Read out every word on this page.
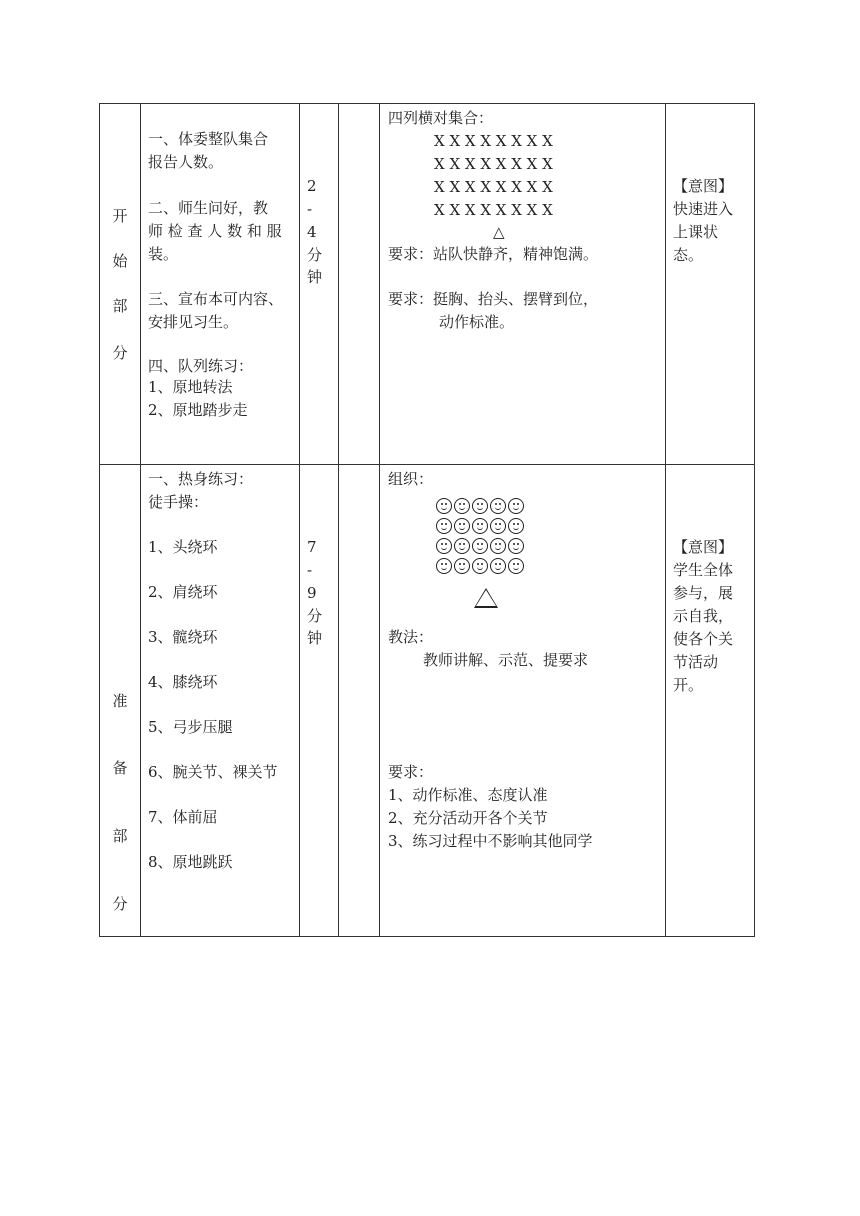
开
始
部
分
一、体委整队集合
报告人数。
二、师生问好，教
师 检 查 人 数 和 服
装。
三、宣布本可内容、
安排见习生。
四、队列练习：
1、原地转法
2、原地踏步走
2
-
4
分
钟
四列横对集合：
X X X X X X X X
X X X X X X X X
X X X X X X X X
X X X X X X X X
△
要求：站队快静齐，精神饱满。
要求：挺胸、抬头、摆臂到位，
动作标准。
【意图】
快速进入
上课状
态。
准
备
部
分
一、热身练习：
徒手操：
1、头绕环
2、肩绕环
3、髋绕环
4、膝绕环
5、弓步压腿
6、腕关节、裸关节
7、体前屈
8、原地跳跃
7
-
9
分
钟
组织：
教法：
教师讲解、示范、提要求
要求：
1、动作标准、态度认准
2、充分活动开各个关节
3、练习过程中不影响其他同学
【意图】
学生全体
参与，展
示自我，
使各个关
节活动
开。
